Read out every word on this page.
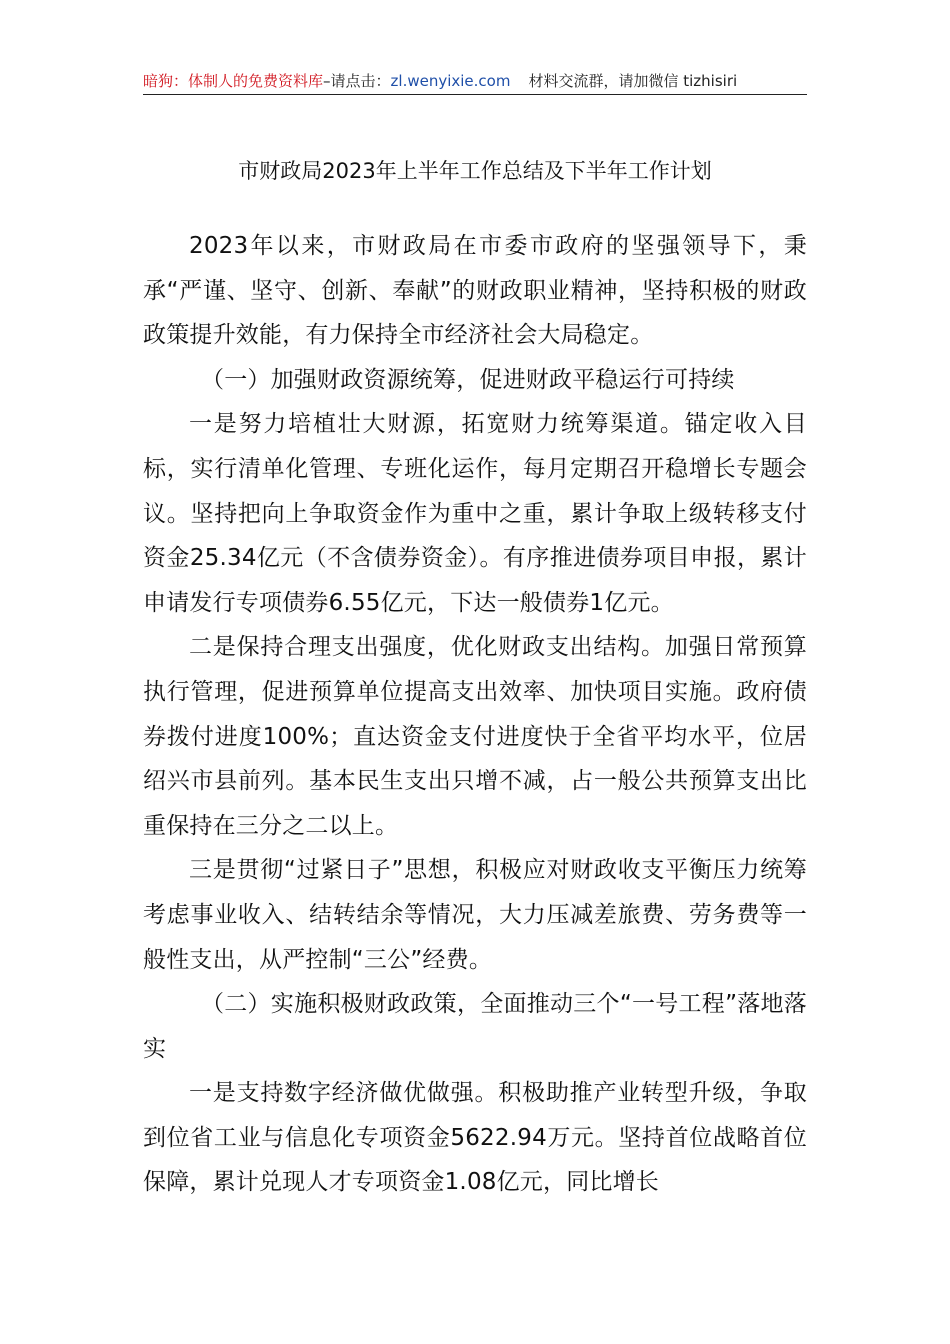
暗狗：体制人的免费资料库–请点击：zl.wenyixie.com 材料交流群，请加微信 tizhisiri
市财政局2023年上半年工作总结及下半年工作计划

2023年以来，市财政局在市委市政府的坚强领导下，秉承“严谨、坚守、创新、奉献”的财政职业精神，坚持积极的财政政策提升效能，有力保持全市经济社会大局稳定。

（一）加强财政资源统筹，促进财政平稳运行可持续

一是努力培植壮大财源，拓宽财力统筹渠道。锚定收入目标，实行清单化管理、专班化运作，每月定期召开稳增长专题会议。坚持把向上争取资金作为重中之重，累计争取上级转移支付资金25.34亿元（不含债券资金）。有序推进债券项目申报，累计申请发行专项债券6.55亿元，下达一般债券1亿元。

二是保持合理支出强度，优化财政支出结构。加强日常预算执行管理，促进预算单位提高支出效率、加快项目实施。政府债券拨付进度100%；直达资金支付进度快于全省平均水平，位居绍兴市县前列。基本民生支出只增不减，占一般公共预算支出比重保持在三分之二以上。

三是贯彻“过紧日子”思想，积极应对财政收支平衡压力统筹考虑事业收入、结转结余等情况，大力压减差旅费、劳务费等一般性支出，从严控制“三公”经费。

（二）实施积极财政政策，全面推动三个“一号工程”落地落实

一是支持数字经济做优做强。积极助推产业转型升级，争取到位省工业与信息化专项资金5622.94万元。坚持首位战略首位保障，累计兑现人才专项资金1.08亿元，同比增长
